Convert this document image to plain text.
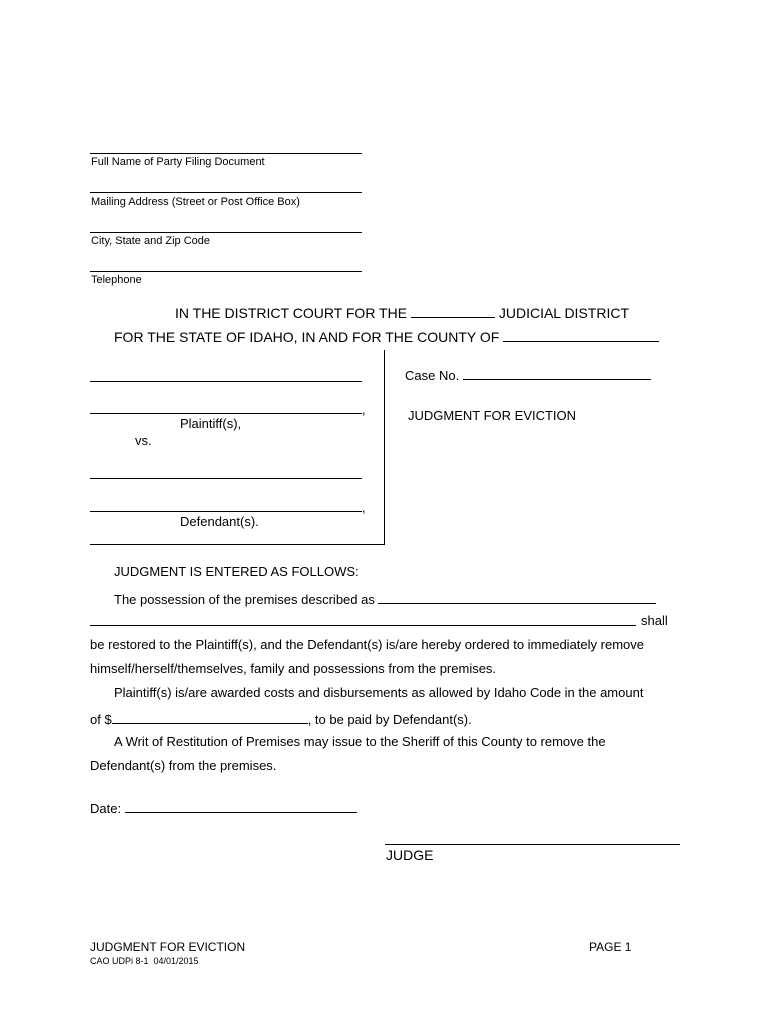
Full Name of Party Filing Document
Mailing Address (Street or Post Office Box)
City, State and Zip Code
Telephone
IN THE DISTRICT COURT FOR THE	JUDICIAL DISTRICT
FOR THE STATE OF IDAHO, IN AND FOR THE COUNTY OF
,
Plaintiff(s),
vs.
,
Defendant(s).
Case No.
JUDGMENT FOR EVICTION
JUDGMENT IS ENTERED AS FOLLOWS:
The possession of the premises described as
shall
be restored to the Plaintiff(s), and the Defendant(s) is/are hereby ordered to immediately remove
himself/herself/themselves, family and possessions from the premises.
Plaintiff(s) is/are awarded costs and disbursements as allowed by Idaho Code in the amount
of $	, to be paid by Defendant(s).
A Writ of Restitution of Premises may issue to the Sheriff of this County to remove the
Defendant(s) from the premises.
Date:
JUDGE
JUDGMENT FOR EVICTION
CAO UDPi 8-1  04/01/2015
PAGE 1
